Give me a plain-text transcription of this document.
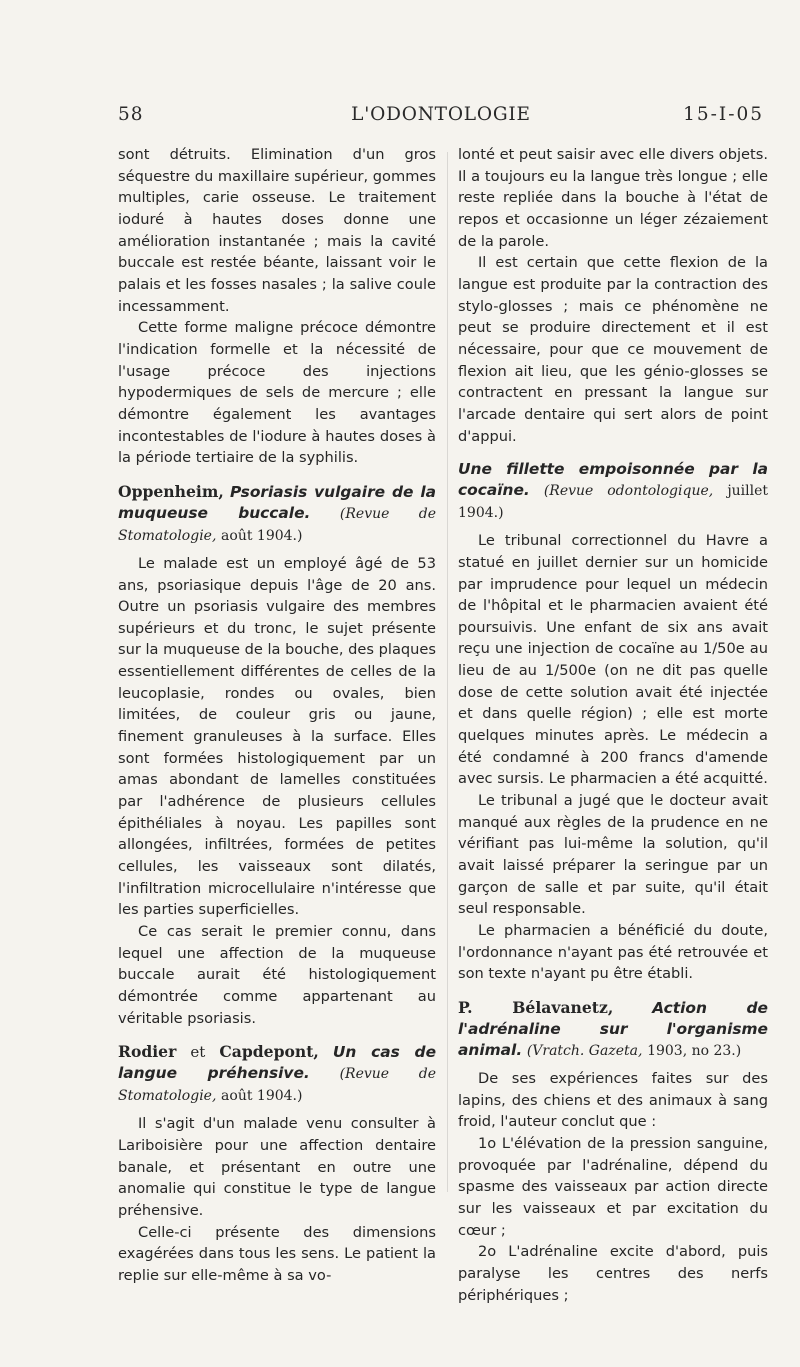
58	L'ODONTOLOGIE	15-I-05

sont détruits. Elimination d'un gros séquestre du maxillaire supérieur, gommes multiples, carie osseuse. Le traitement ioduré à hautes doses donne une amélioration instantanée ; mais la cavité buccale est restée béante, laissant voir le palais et les fosses nasales ; la salive coule incessamment.

Cette forme maligne précoce démontre l'indication formelle et la nécessité de l'usage précoce des injections hypodermiques de sels de mercure ; elle démontre également les avantages incontestables de l'iodure à hautes doses à la période tertiaire de la syphilis.

Oppenheim, Psoriasis vulgaire de la muqueuse buccale. (Revue de Stomatologie, août 1904.)

Le malade est un employé âgé de 53 ans, psoriasique depuis l'âge de 20 ans. Outre un psoriasis vulgaire des membres supérieurs et du tronc, le sujet présente sur la muqueuse de la bouche, des plaques essentiellement différentes de celles de la leucoplasie, rondes ou ovales, bien limitées, de couleur gris ou jaune, finement granuleuses à la surface. Elles sont formées histologiquement par un amas abondant de lamelles constituées par l'adhérence de plusieurs cellules épithéliales à noyau. Les papilles sont allongées, infiltrées, formées de petites cellules, les vaisseaux sont dilatés, l'infiltration microcellulaire n'intéresse que les parties superficielles.

Ce cas serait le premier connu, dans lequel une affection de la muqueuse buccale aurait été histologiquement démontrée comme appartenant au véritable psoriasis.

Rodier et Capdepont, Un cas de langue préhensive. (Revue de Stomatologie, août 1904.)

Il s'agit d'un malade venu consulter à Lariboisière pour une affection dentaire banale, et présentant en outre une anomalie qui constitue le type de langue préhensive.

Celle-ci présente des dimensions exagérées dans tous les sens. Le patient la replie sur elle-même à sa vo-

lonté et peut saisir avec elle divers objets. Il a toujours eu la langue très longue ; elle reste repliée dans la bouche à l'état de repos et occasionne un léger zézaiement de la parole.

Il est certain que cette flexion de la langue est produite par la contraction des stylo-glosses ; mais ce phénomène ne peut se produire directement et il est nécessaire, pour que ce mouvement de flexion ait lieu, que les génio-glosses se contractent en pressant la langue sur l'arcade dentaire qui sert alors de point d'appui.

Une fillette empoisonnée par la cocaïne. (Revue odontologique, juillet 1904.)

Le tribunal correctionnel du Havre a statué en juillet dernier sur un homicide par imprudence pour lequel un médecin de l'hôpital et le pharmacien avaient été poursuivis. Une enfant de six ans avait reçu une injection de cocaïne au 1/50e au lieu de au 1/500e (on ne dit pas quelle dose de cette solution avait été injectée et dans quelle région) ; elle est morte quelques minutes après. Le médecin a été condamné à 200 francs d'amende avec sursis. Le pharmacien a été acquitté.

Le tribunal a jugé que le docteur avait manqué aux règles de la prudence en ne vérifiant pas lui-même la solution, qu'il avait laissé préparer la seringue par un garçon de salle et par suite, qu'il était seul responsable.

Le pharmacien a bénéficié du doute, l'ordonnance n'ayant pas été retrouvée et son texte n'ayant pu être établi.

P. Bélavanetz,	Action de l'adrénaline sur l'organisme animal. (Vratch. Gazeta, 1903, no 23.)

De ses expériences faites sur des lapins, des chiens et des animaux à sang froid, l'auteur conclut que :

1o L'élévation de la pression sanguine, provoquée par l'adrénaline, dépend du spasme des vaisseaux par action directe sur les vaisseaux et par excitation du cœur ;

2o L'adrénaline excite d'abord, puis paralyse les centres des nerfs périphériques ;
